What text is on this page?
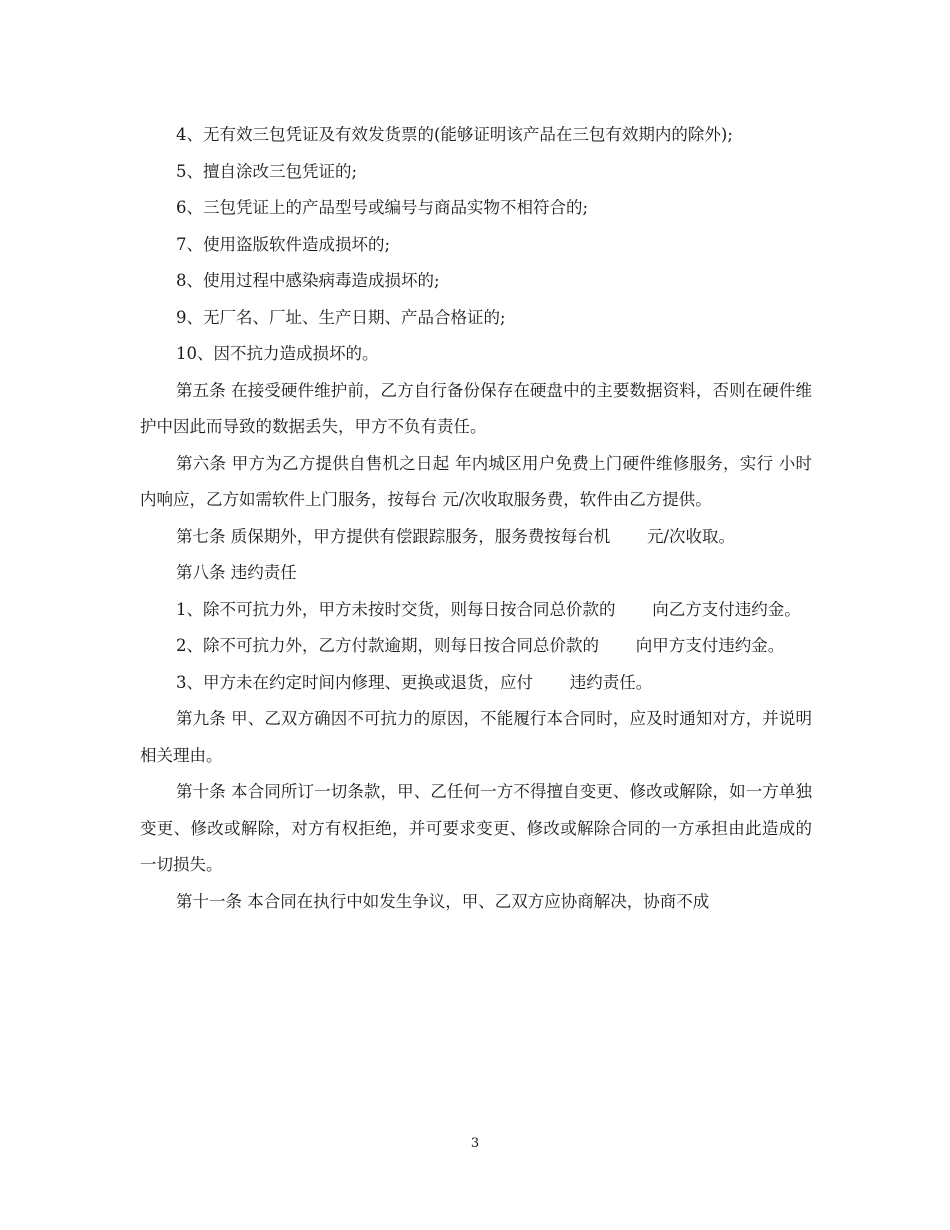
4、无有效三包凭证及有效发货票的(能够证明该产品在三包有效期内的除外);

5、擅自涂改三包凭证的;

6、三包凭证上的产品型号或编号与商品实物不相符合的;

7、使用盗版软件造成损坏的;

8、使用过程中感染病毒造成损坏的;

9、无厂名、厂址、生产日期、产品合格证的;

10、因不抗力造成损坏的。

第五条 在接受硬件维护前，乙方自行备份保存在硬盘中的主要数据资料，否则在硬件维护中因此而导致的数据丢失，甲方不负有责任。

第六条 甲方为乙方提供自售机之日起 年内城区用户免费上门硬件维修服务，实行 小时内响应，乙方如需软件上门服务，按每台 元/次收取服务费，软件由乙方提供。

第七条 质保期外，甲方提供有偿跟踪服务，服务费按每台机       元/次收取。

第八条 违约责任

1、除不可抗力外，甲方未按时交货，则每日按合同总价款的       向乙方支付违约金。

2、除不可抗力外，乙方付款逾期，则每日按合同总价款的       向甲方支付违约金。

3、甲方未在约定时间内修理、更换或退货，应付       违约责任。

第九条 甲、乙双方确因不可抗力的原因，不能履行本合同时，应及时通知对方，并说明相关理由。

第十条 本合同所订一切条款，甲、乙任何一方不得擅自变更、修改或解除，如一方单独变更、修改或解除，对方有权拒绝，并可要求变更、修改或解除合同的一方承担由此造成的一切损失。

第十一条 本合同在执行中如发生争议，甲、乙双方应协商解决，协商不成

3
